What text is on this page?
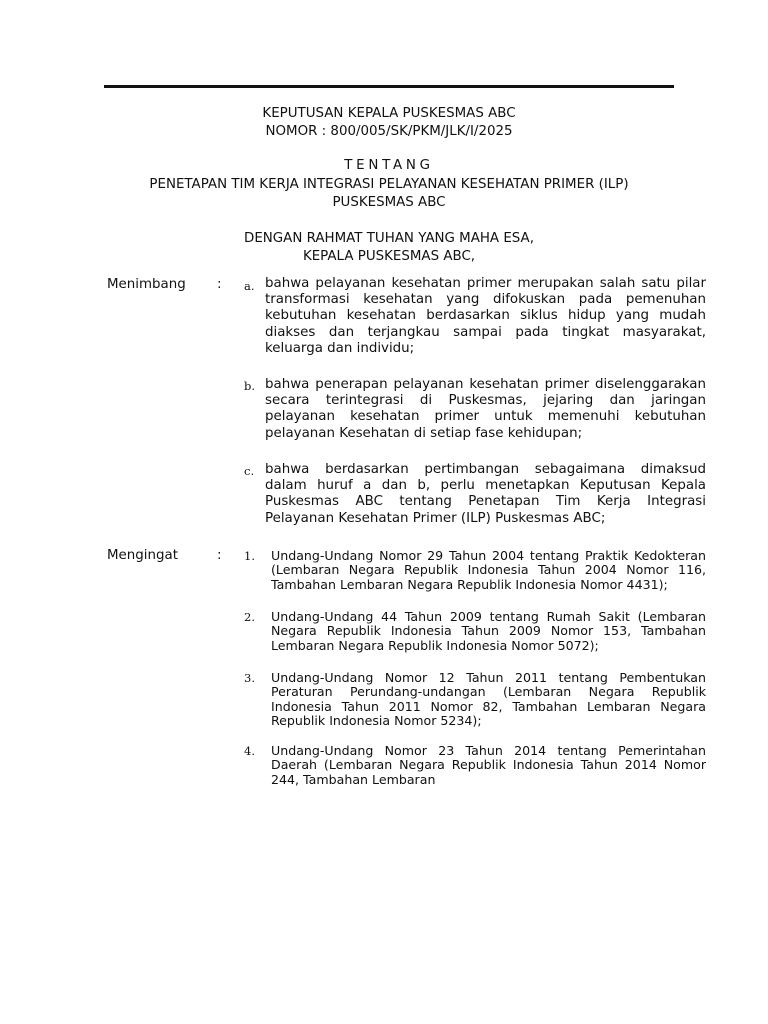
KEPUTUSAN KEPALA PUSKESMAS ABC
NOMOR : 800/005/SK/PKM/JLK/I/2025
TENTANG
PENETAPAN TIM KERJA INTEGRASI PELAYANAN KESEHATAN PRIMER (ILP)
PUSKESMAS ABC
DENGAN RAHMAT TUHAN YANG MAHA ESA,
KEPALA PUSKESMAS ABC,
Menimbang : a. bahwa pelayanan kesehatan primer merupakan salah satu pilar transformasi kesehatan yang difokuskan pada pemenuhan kebutuhan kesehatan berdasarkan siklus hidup yang mudah diakses dan terjangkau sampai pada tingkat masyarakat, keluarga dan individu;
b. bahwa penerapan pelayanan kesehatan primer diselenggarakan secara terintegrasi di Puskesmas, jejaring dan jaringan pelayanan kesehatan primer untuk memenuhi kebutuhan pelayanan Kesehatan di setiap fase kehidupan;
c. bahwa berdasarkan pertimbangan sebagaimana dimaksud dalam huruf a dan b, perlu menetapkan Keputusan Kepala Puskesmas ABC tentang Penetapan Tim Kerja Integrasi Pelayanan Kesehatan Primer (ILP) Puskesmas ABC;
Mengingat	: 1. Undang-Undang Nomor 29 Tahun 2004 tentang Praktik Kedokteran (Lembaran Negara Republik Indonesia Tahun 2004 Nomor 116, Tambahan Lembaran Negara Republik Indonesia Nomor 4431);
2. Undang-Undang 44 Tahun 2009 tentang Rumah Sakit (Lembaran Negara Republik Indonesia Tahun 2009 Nomor 153, Tambahan Lembaran Negara Republik Indonesia Nomor 5072);
3. Undang-Undang Nomor 12 Tahun 2011 tentang Pembentukan Peraturan Perundang-undangan (Lembaran Negara Republik Indonesia Tahun 2011 Nomor 82, Tambahan Lembaran Negara Republik Indonesia Nomor 5234);
4. Undang-Undang Nomor 23 Tahun 2014 tentang Pemerintahan Daerah (Lembaran Negara Republik Indonesia Tahun 2014 Nomor 244, Tambahan Lembaran
